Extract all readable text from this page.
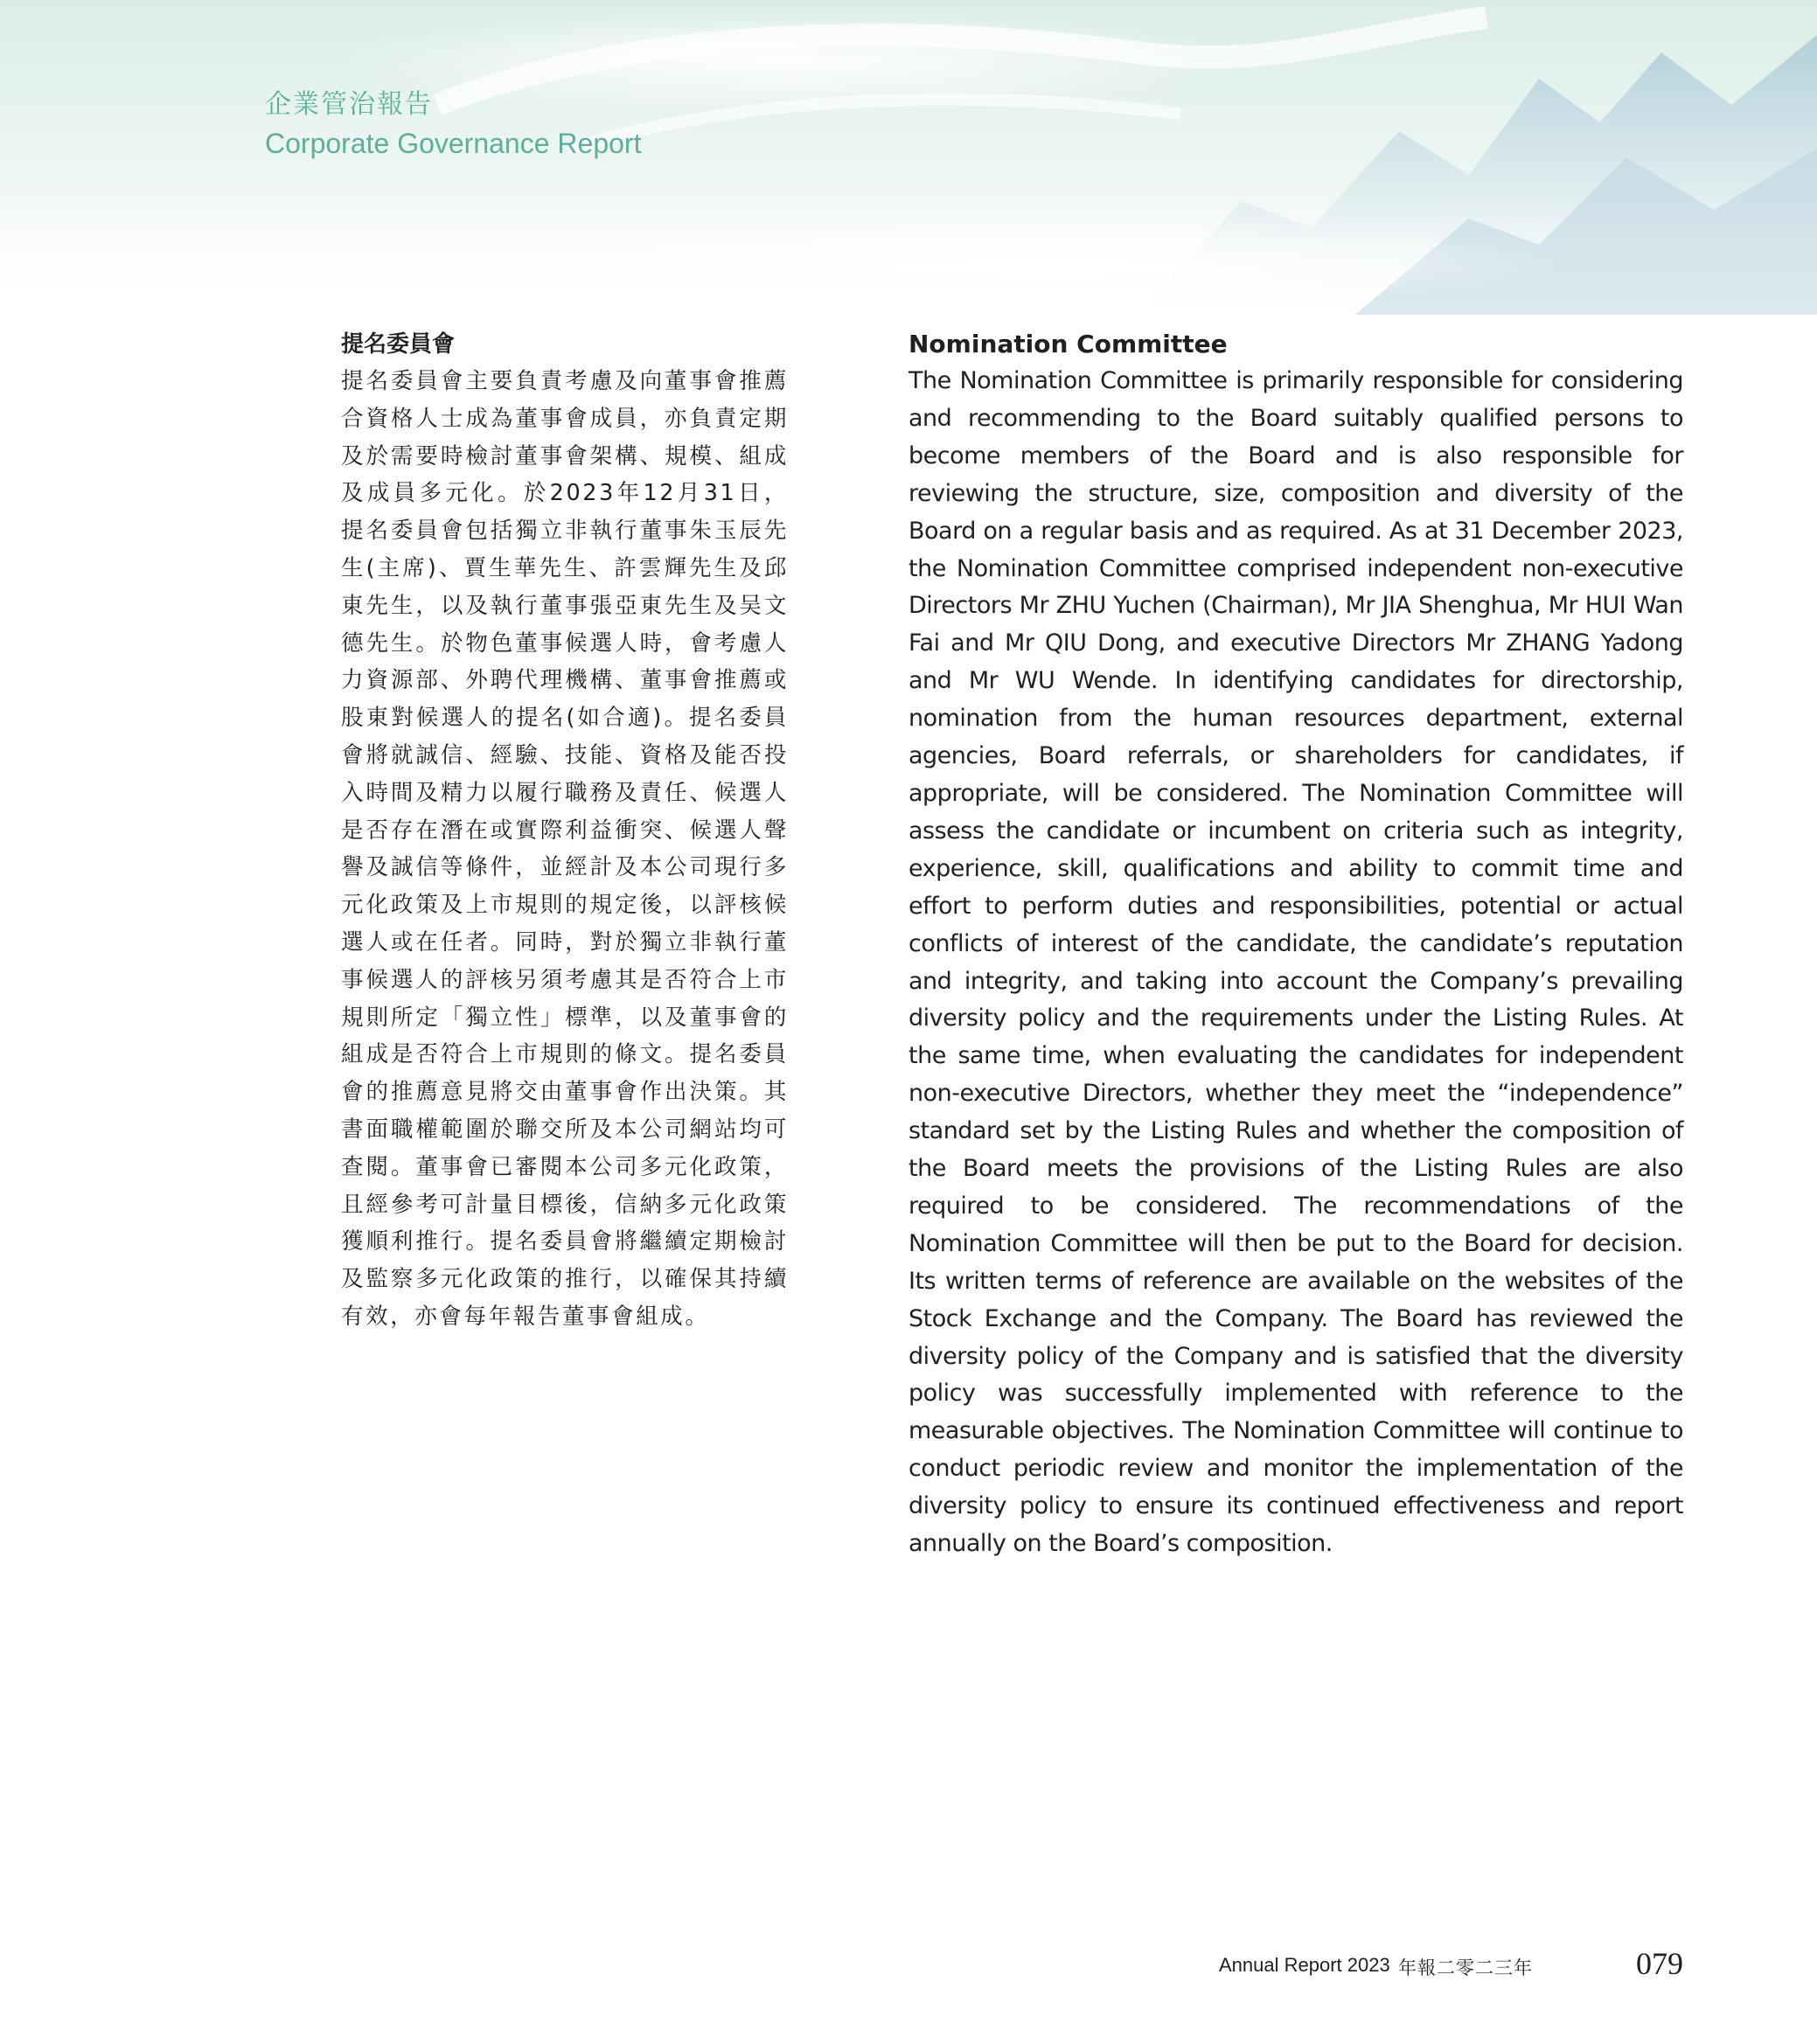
企業管治報告
Corporate Governance Report
提名委員會

提名委員會主要負責考慮及向董事會推薦合資格人士成為董事會成員，亦負責定期及於需要時檢討董事會架構、規模、組成及成員多元化。於2023年12月31日，提名委員會包括獨立非執行董事朱玉辰先生(主席)、賈生華先生、許雲輝先生及邱東先生，以及執行董事張亞東先生及吴文德先生。於物色董事候選人時，會考慮人力資源部、外聘代理機構、董事會推薦或股東對候選人的提名(如合適)。提名委員會將就誠信、經驗、技能、資格及能否投入時間及精力以履行職務及責任、候選人是否存在潛在或實際利益衝突、候選人聲譽及誠信等條件，並經計及本公司現行多元化政策及上市規則的規定後，以評核候選人或在任者。同時，對於獨立非執行董事候選人的評核另須考慮其是否符合上市規則所定「獨立性」標準，以及董事會的組成是否符合上市規則的條文。提名委員會的推薦意見將交由董事會作出決策。其書面職權範圍於聯交所及本公司網站均可查閱。董事會已審閱本公司多元化政策，且經參考可計量目標後，信納多元化政策獲順利推行。提名委員會將繼續定期檢討及監察多元化政策的推行，以確保其持續有效，亦會每年報告董事會組成。

Nomination Committee

The Nomination Committee is primarily responsible for considering and recommending to the Board suitably qualified persons to become members of the Board and is also responsible for reviewing the structure, size, composition and diversity of the Board on a regular basis and as required. As at 31 December 2023, the Nomination Committee comprised independent non-executive Directors Mr ZHU Yuchen (Chairman), Mr JIA Shenghua, Mr HUI Wan Fai and Mr QIU Dong, and executive Directors Mr ZHANG Yadong and Mr WU Wende. In identifying candidates for directorship, nomination from the human resources department, external agencies, Board referrals, or shareholders for candidates, if appropriate, will be considered. The Nomination Committee will assess the candidate or incumbent on criteria such as integrity, experience, skill, qualifications and ability to commit time and effort to perform duties and responsibilities, potential or actual conflicts of interest of the candidate, the candidate’s reputation and integrity, and taking into account the Company’s prevailing diversity policy and the requirements under the Listing Rules. At the same time, when evaluating the candidates for independent non-executive Directors, whether they meet the “independence” standard set by the Listing Rules and whether the composition of the Board meets the provisions of the Listing Rules are also required to be considered. The recommendations of the Nomination Committee will then be put to the Board for decision. Its written terms of reference are available on the websites of the Stock Exchange and the Company. The Board has reviewed the diversity policy of the Company and is satisfied that the diversity policy was successfully implemented with reference to the measurable objectives. The Nomination Committee will continue to conduct periodic review and monitor the implementation of the diversity policy to ensure its continued effectiveness and report annually on the Board’s composition.

Annual Report 2023 年報二零二三年	079
